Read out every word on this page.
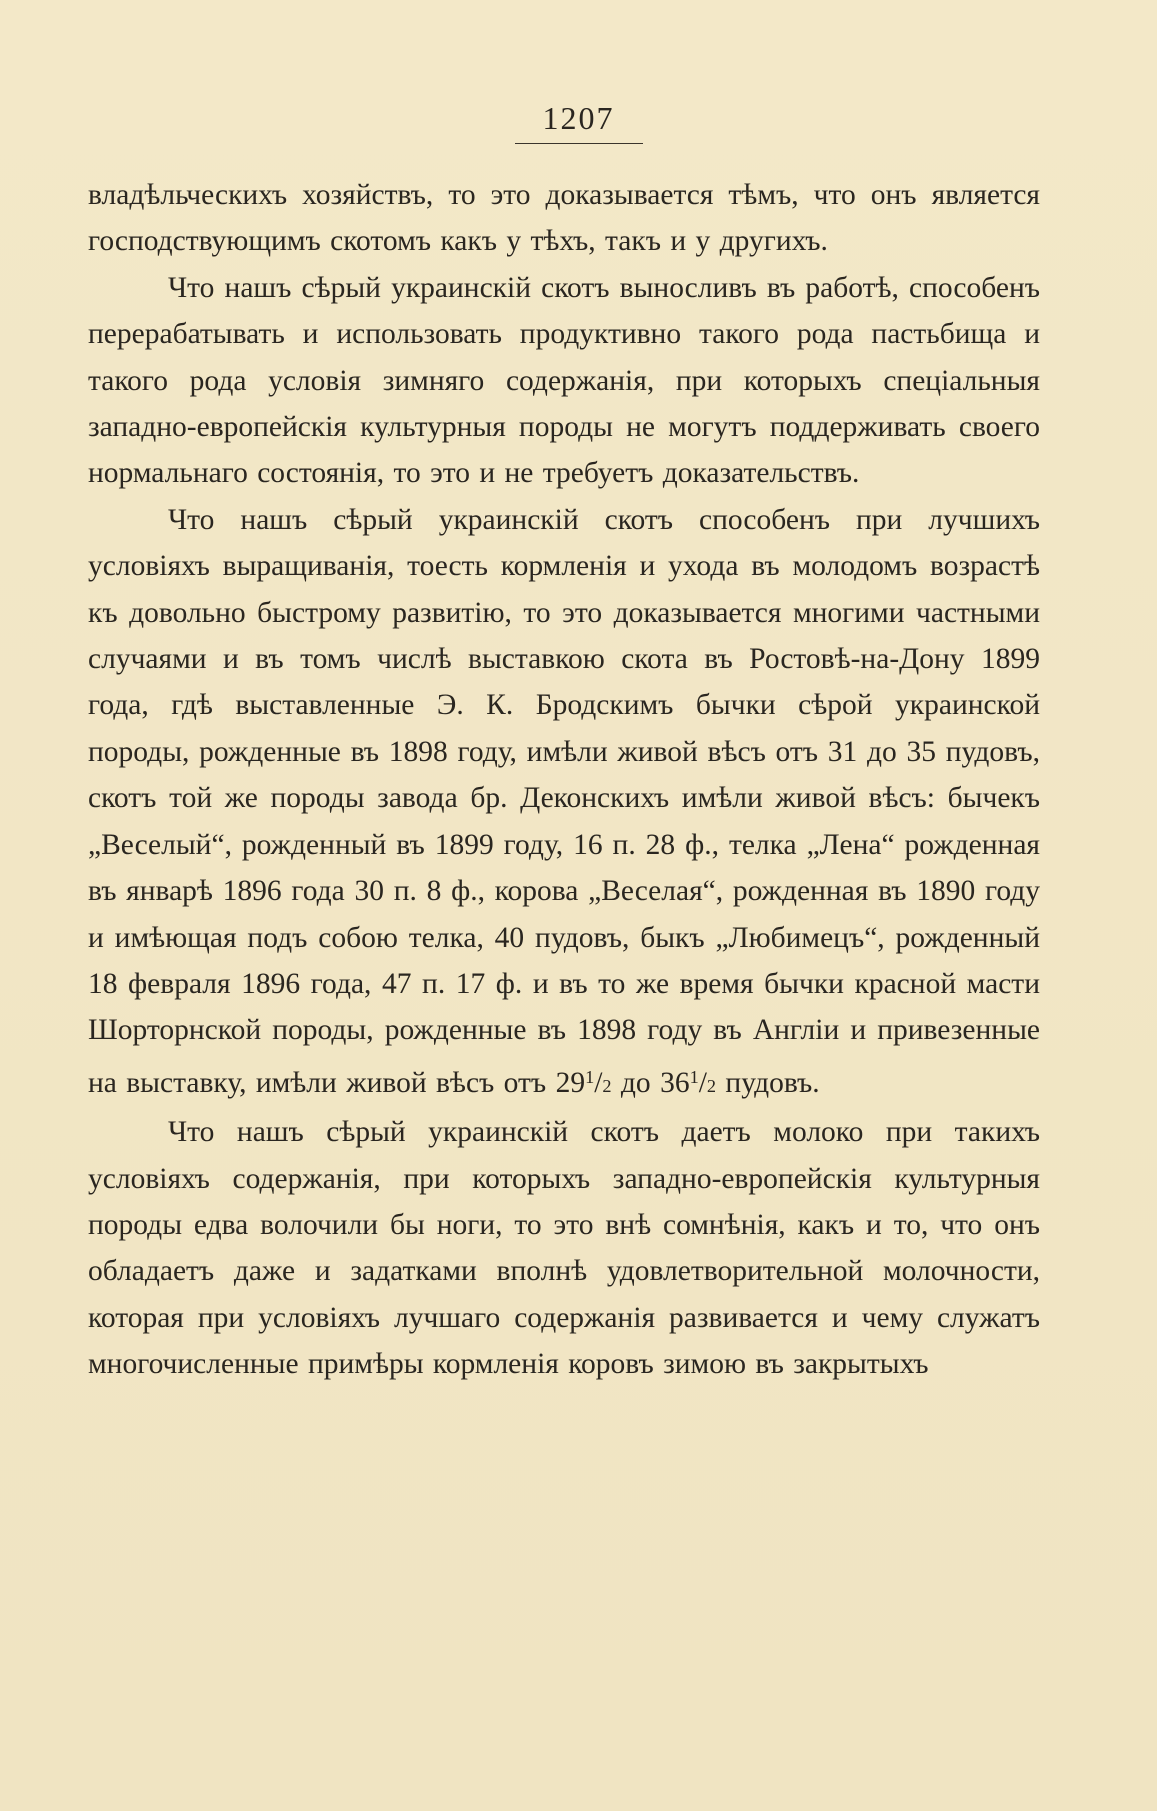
1207

владѣльческихъ хозяйствъ, то это доказывается тѣмъ, что онъ является господствующимъ скотомъ какъ у тѣхъ, такъ и у другихъ.

Что нашъ сѣрый украинскій скотъ выносливъ въ работѣ, способенъ перерабатывать и использовать продуктивно такого рода пастьбища и такого рода условія зимняго содержанія, при которыхъ спеціальныя западно-европейскія культурныя породы не могутъ поддерживать своего нормальнаго состоянія, то это и не требуетъ доказательствъ.

Что нашъ сѣрый украинскій скотъ способенъ при лучшихъ условіяхъ выращиванія, тоесть кормленія и ухода въ молодомъ возрастѣ къ довольно быстрому развитію, то это доказывается многими частными случаями и въ томъ числѣ выставкою скота въ Ростовѣ-на-Дону 1899 года, гдѣ выставленные Э. К. Бродскимъ бычки сѣрой украинской породы, рожденные въ 1898 году, имѣли живой вѣсъ отъ 31 до 35 пудовъ, скотъ той же породы завода бр. Деконскихъ имѣли живой вѣсъ: бычекъ „Веселый“, рожденный въ 1899 году, 16 п. 28 ф., телка „Лена“ рожденная въ январѣ 1896 года 30 п. 8 ф., корова „Веселая“, рожденная въ 1890 году и имѣющая подъ собою телка, 40 пудовъ, быкъ „Любимецъ“, рожденный 18 февраля 1896 года, 47 п. 17 ф. и въ то же время бычки красной масти Шорторнской породы, рожденные въ 1898 году въ Англіи и привезенные на выставку, имѣли живой вѣсъ отъ $29^1/2$ до $36^1/2$ пудовъ.

Что нашъ сѣрый украинскій скотъ даетъ молоко при такихъ условіяхъ содержанія, при которыхъ западно-европейскія культурныя породы едва волочили бы ноги, то это внѣ сомнѣнія, какъ и то, что онъ обладаетъ даже и задатками вполнѣ удовлетворительной молочности, которая при условіяхъ лучшаго содержанія развивается и чему служатъ многочисленные примѣры кормленія коровъ зимою въ закрытыхъ
